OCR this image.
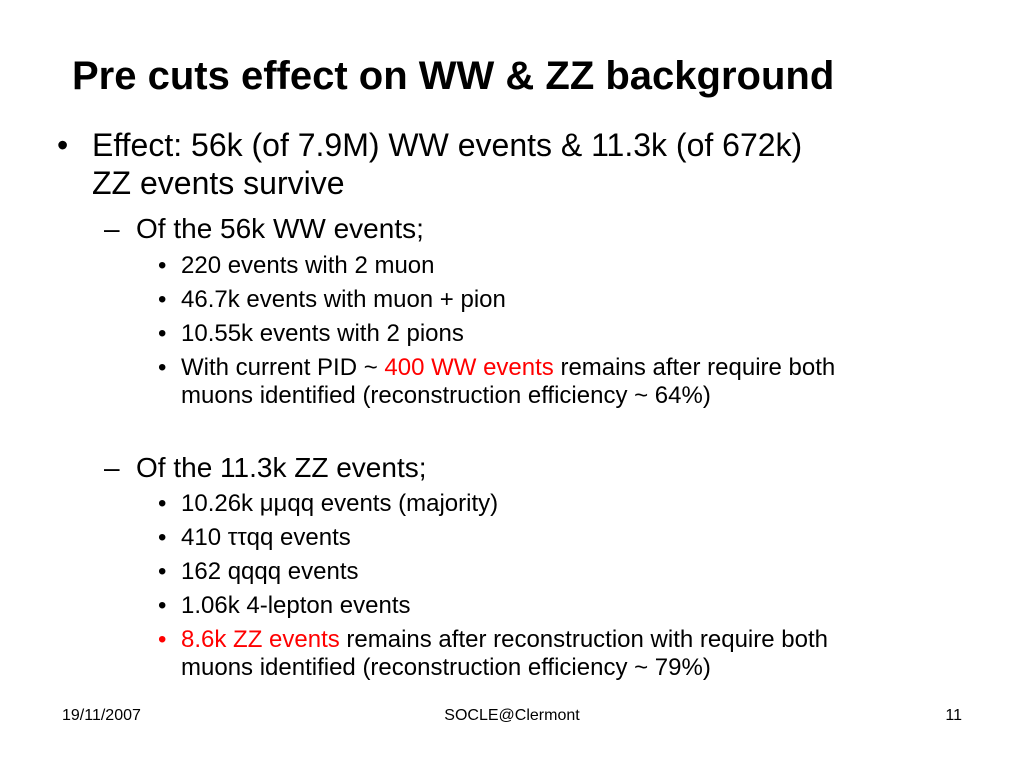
Pre cuts effect on WW & ZZ background
• Effect: 56k (of 7.9M) WW events & 11.3k (of 672k)
ZZ events survive
– Of the 56k WW events;
• 220 events with 2 muon
• 46.7k events with muon + pion
• 10.55k events with 2 pions
• With current PID ~ 400 WW events remains after require both
muons identified (reconstruction efficiency ~ 64%)
– Of the 11.3k ZZ events;
• 10.26k μμqq events (majority)
• 410 ττqq events
• 162 qqqq events
• 1.06k 4-lepton events
• 8.6k ZZ events remains after reconstruction with require both
muons identified (reconstruction efficiency ~ 79%)
19/11/2007	SOCLE@Clermont	11
